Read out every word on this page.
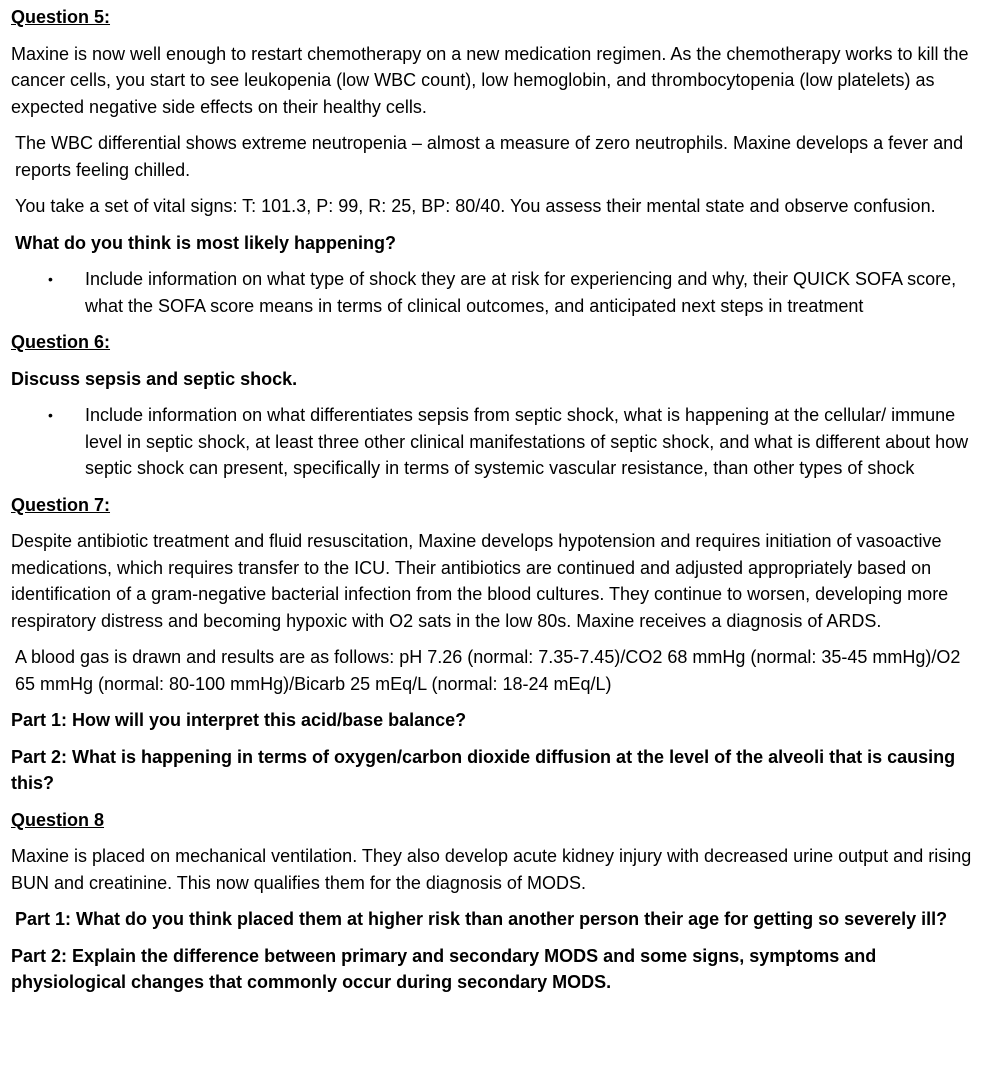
Question 5:

Maxine is now well enough to restart chemotherapy on a new medication regimen. As the chemotherapy works to kill the cancer cells, you start to see leukopenia (low WBC count), low hemoglobin, and thrombocytopenia (low platelets) as expected negative side effects on their healthy cells.

The WBC differential shows extreme neutropenia – almost a measure of zero neutrophils. Maxine develops a fever and reports feeling chilled.

You take a set of vital signs: T: 101.3, P: 99, R: 25, BP: 80/40. You assess their mental state and observe confusion.

What do you think is most likely happening?

•	Include information on what type of shock they are at risk for experiencing and why, their QUICK SOFA score, what the SOFA score means in terms of clinical outcomes, and anticipated next steps in treatment
Question 6:

Discuss sepsis and septic shock.

•	Include information on what differentiates sepsis from septic shock, what is happening at the cellular/ immune level in septic shock, at least three other clinical manifestations of septic shock, and what is different about how septic shock can present, specifically in terms of systemic vascular resistance, than other types of shock
Question 7:

Despite antibiotic treatment and fluid resuscitation, Maxine develops hypotension and requires initiation of vasoactive medications, which requires transfer to the ICU. Their antibiotics are continued and adjusted appropriately based on identification of a gram-negative bacterial infection from the blood cultures. They continue to worsen, developing more respiratory distress and becoming hypoxic with O2 sats in the low 80s. Maxine receives a diagnosis of ARDS.

A blood gas is drawn and results are as follows: pH 7.26 (normal: 7.35-7.45)/CO2 68 mmHg (normal: 35-45 mmHg)/O2 65 mmHg (normal: 80-100 mmHg)/Bicarb 25 mEq/L (normal: 18-24 mEq/L)

Part 1: How will you interpret this acid/base balance?

Part 2: What is happening in terms of oxygen/carbon dioxide diffusion at the level of the alveoli that is causing this?

Question 8

Maxine is placed on mechanical ventilation. They also develop acute kidney injury with decreased urine output and rising BUN and creatinine. This now qualifies them for the diagnosis of MODS.

Part 1: What do you think placed them at higher risk than another person their age for getting so severely ill?

Part 2: Explain the difference between primary and secondary MODS and some signs, symptoms and physiological changes that commonly occur during secondary MODS.
